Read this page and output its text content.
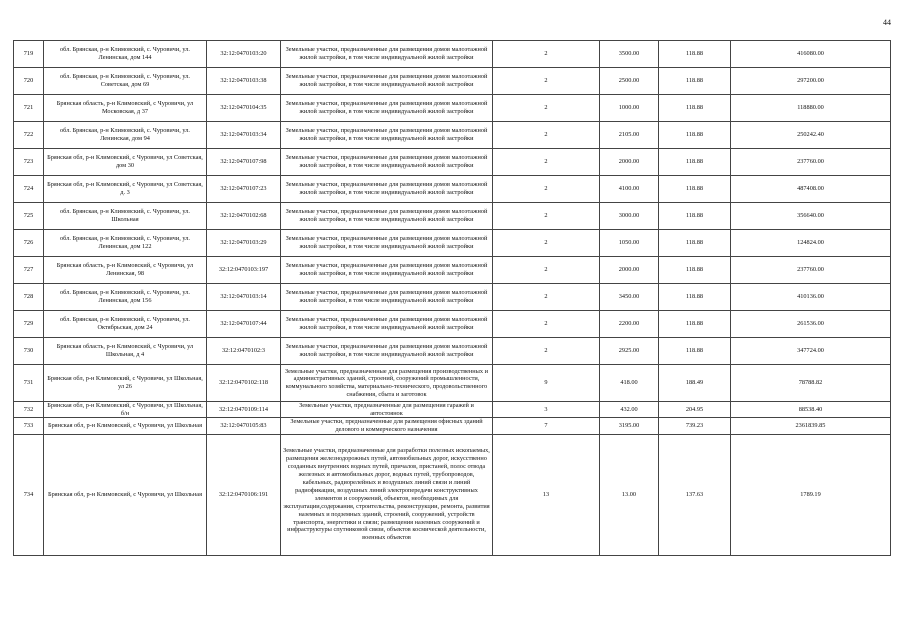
44
719	обл. Брянская, р-н Климовский, с. Чуровичи, ул. Ленинская, дом 144	32:12:0470103:20	Земельные участки, предназначенные для размещения домов малоэтажной жилой застройки, в том числе индивидуальной жилой застройки	2	3500.00	118.88	416080.00
720	обл. Брянская, р-н Климовский, с. Чуровичи, ул. Советская, дом 69	32:12:0470103:38	Земельные участки, предназначенные для размещения домов малоэтажной жилой застройки, в том числе индивидуальной жилой застройки	2	2500.00	118.88	297200.00
721	Брянская область, р-н Климовский, с Чуровичи, ул Московская, д 37	32:12:0470104:35	Земельные участки, предназначенные для размещения домов малоэтажной жилой застройки, в том числе индивидуальной жилой застройки	2	1000.00	118.88	118880.00
722	обл. Брянская, р-н Климовский, с. Чуровичи, ул. Ленинская, дом 94	32:12:0470103:34	Земельные участки, предназначенные для размещения домов малоэтажной жилой застройки, в том числе индивидуальной жилой застройки	2	2105.00	118.88	250242.40
723	Брянская обл, р-н Климовский, с Чуровичи, ул Советская, дом 30	32:12:0470107:98	Земельные участки, предназначенные для размещения домов малоэтажной жилой застройки, в том числе индивидуальной жилой застройки	2	2000.00	118.88	237760.00
724	Брянская обл, р-н Климовский, с Чуровичи, ул Советская, д. 3	32:12:0470107:23	Земельные участки, предназначенные для размещения домов малоэтажной жилой застройки, в том числе индивидуальной жилой застройки	2	4100.00	118.88	487408.00
725	обл. Брянская, р-н Климовский, с. Чуровичи, ул. Школьная	32:12:0470102:68	Земельные участки, предназначенные для размещения домов малоэтажной жилой застройки, в том числе индивидуальной жилой застройки	2	3000.00	118.88	356640.00
726	обл. Брянская, р-н Климовский, с. Чуровичи, ул. Ленинская, дом 122	32:12:0470103:29	Земельные участки, предназначенные для размещения домов малоэтажной жилой застройки, в том числе индивидуальной жилой застройки	2	1050.00	118.88	124824.00
727	Брянская область, р-н Климовский, с Чуровичи, ул Ленинская, 98	32:12:0470103:197	Земельные участки, предназначенные для размещения домов малоэтажной жилой застройки, в том числе индивидуальной жилой застройки	2	2000.00	118.88	237760.00
728	обл. Брянская, р-н Климовский, с. Чуровичи, ул. Ленинская, дом 156	32:12:0470103:14	Земельные участки, предназначенные для размещения домов малоэтажной жилой застройки, в том числе индивидуальной жилой застройки	2	3450.00	118.88	410136.00
729	обл. Брянская, р-н Климовский, с. Чуровичи, ул. Октябрьская, дом 24	32:12:0470107:44	Земельные участки, предназначенные для размещения домов малоэтажной жилой застройки, в том числе индивидуальной жилой застройки	2	2200.00	118.88	261536.00
730	Брянская область, р-н Климовский, с Чуровичи, ул Школьная, д 4	32:12:0470102:3	Земельные участки, предназначенные для размещения домов малоэтажной жилой застройки, в том числе индивидуальной жилой застройки	2	2925.00	118.88	347724.00
731	Брянская обл, р-н Климовский, с Чуровичи, ул Школьная, ул 26	32:12:0470102:118	Земельные участки, предназначенные для размещения производственных и административных зданий, строений, сооружений промышленности, коммунального хозяйства, материально-технического, продовольственного снабжения, сбыта и заготовок	9	418.00	188.49	78788.82
732	Брянская обл, р-н Климовский, с Чуровичи, ул Школьная, б/н	32:12:0470109:114	Земельные участки, предназначенные для размещения гаражей и автостоянок	3	432.00	204.95	88538.40
733	Брянская обл, р-н Климовский, с Чуровичи, ул Школьная	32:12:0470105:83	Земельные участки, предназначенные для размещения офисных зданий делового и коммерческого назначения	7	3195.00	739.23	2361839.85
734	Брянская обл, р-н Климовский, с Чуровичи, ул Школьная	32:12:0470106:191	Земельные участки, предназначенные для разработки полезных ископаемых, размещения железнодорожных путей, автомобильных дорог, искусственно созданных внутренних водных путей, причалов, пристаней, полос отвода железных и автомобильных дорог, водных путей, трубопроводов, кабельных, радиорелейных и воздушных линий связи и линий радиофикации, воздушных линий электропередачи конструктивных элементов и сооружений, объектов, необходимых для эксплуатации,содержания, строительства, реконструкции, ремонта, развития наземных и подземных зданий, строений, сооружений, устройств транспорта, энергетики и связи; размещения наземных сооружений и инфраструктуры спутниковой связи, объектов космической деятельности, военных объектов	13	13.00	137.63	1789.19
